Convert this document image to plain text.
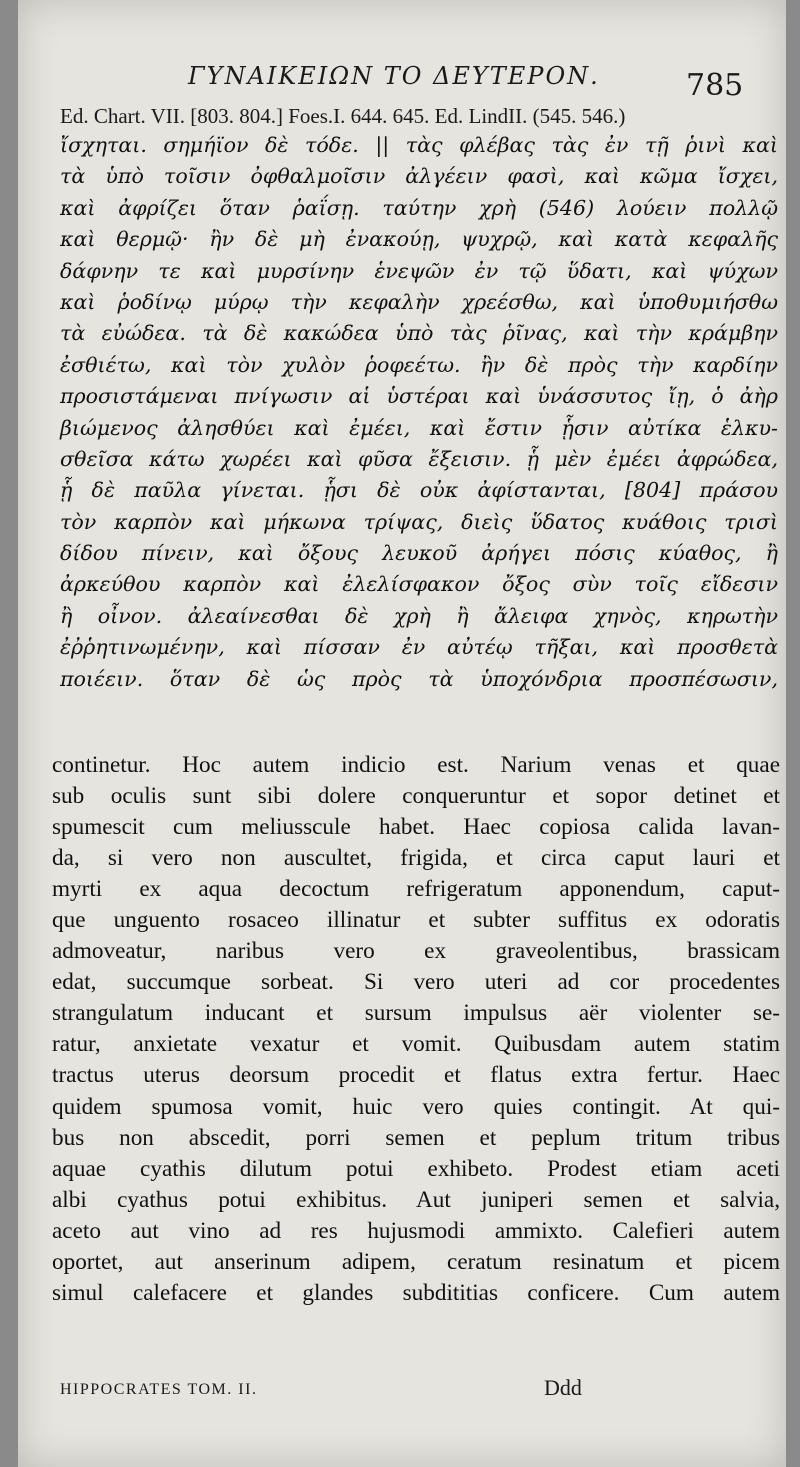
ΓΥΝΑΙΚΕΙΩΝ ΤΟ ΔΕΥΤΕΡΟΝ.	785
Ed. Chart. VII. [803. 804.] Foes.I. 644. 645. Ed. LindII. (545. 546.)
ἴσχηται. σημήϊον δὲ τόδε. || τὰς φλέβας τὰς ἐν τῇ ῥινὶ καὶ
τὰ ὑπὸ τοῖσιν ὀφθαλμοῖσιν ἀλγέειν φασὶ, καὶ κῶμα ἴσχει,
καὶ ἀφρίζει ὅταν ῥαΐσῃ. ταύτην χρὴ (546) λούειν πολλῷ
καὶ θερμῷ· ἢν δὲ μὴ ἐνακούῃ, ψυχρῷ, καὶ κατὰ κεφαλῆς
δάφνην τε καὶ μυρσίνην ἑνεψῶν ἐν τῷ ὕδατι, καὶ ψύχων
καὶ ῥοδίνῳ μύρῳ τὴν κεφαλὴν χρεέσθω, καὶ ὑποθυμιήσθω
τὰ εὐώδεα. τὰ δὲ κακώδεα ὑπὸ τὰς ῥῖνας, καὶ τὴν κράμβην
ἐσθιέτω, καὶ τὸν χυλὸν ῥοφεέτω. ἢν δὲ πρὸς τὴν καρδίην
προσιστάμεναι πνίγωσιν αἱ ὑστέραι καὶ ὑνάσσυτος ἴῃ, ὁ ἀὴρ
βιώμενος ἀλησθύει καὶ ἐμέει, καὶ ἔστιν ᾗσιν αὐτίκα ἑλκυ-
σθεῖσα κάτω χωρέει καὶ φῦσα ἔξεισιν. ᾗ μὲν ἐμέει ἀφρώδεα,
ᾗ δὲ παῦλα γίνεται. ᾗσι δὲ οὐκ ἀφίστανται, [804] πράσου
τὸν καρπὸν καὶ μήκωνα τρίψας, διεὶς ὕδατος κυάθοις τρισὶ
δίδου πίνειν, καὶ ὄξους λευκοῦ ἀρήγει πόσις κύαθος, ἢ
ἀρκεύθου καρπὸν καὶ ἐλελίσφακον ὄξος σὺν τοῖς εἴδεσιν
ἢ οἶνον. ἀλεαίνεσθαι δὲ χρὴ ἢ ἄλειφα χηνὸς, κηρωτὴν
ἐῤῥητινωμένην, καὶ πίσσαν ἐν αὐτέῳ τῆξαι, καὶ προσθετὰ
ποιέειν. ὅταν δὲ ὡς πρὸς τὰ ὑποχόνδρια προσπέσωσιν,
continetur. Hoc autem indicio est. Narium venas et quae
sub oculis sunt sibi dolere conqueruntur et sopor detinet et
spumescit cum meliusscule habet. Haec copiosa calida lavan-
da, si vero non auscultet, frigida, et circa caput lauri et
myrti ex aqua decoctum refrigeratum apponendum, caput-
que unguento rosaceo illinatur et subter suffitus ex odoratis
admoveatur, naribus vero ex graveolentibus, brassicam
edat, succumque sorbeat. Si vero uteri ad cor procedentes
strangulatum inducant et sursum impulsus aër violenter se-
ratur, anxietate vexatur et vomit. Quibusdam autem statim
tractus uterus deorsum procedit et flatus extra fertur. Haec
quidem spumosa vomit, huic vero quies contingit. At qui-
bus non abscedit, porri semen et peplum tritum tribus
aquae cyathis dilutum potui exhibeto. Prodest etiam aceti
albi cyathus potui exhibitus. Aut juniperi semen et salvia,
aceto aut vino ad res hujusmodi ammixto. Calefieri autem
oportet, aut anserinum adipem, ceratum resinatum et picem
simul calefacere et glandes subdititias conficere. Cum autem
HIPPOCRATES TOM. II.	Ddd
